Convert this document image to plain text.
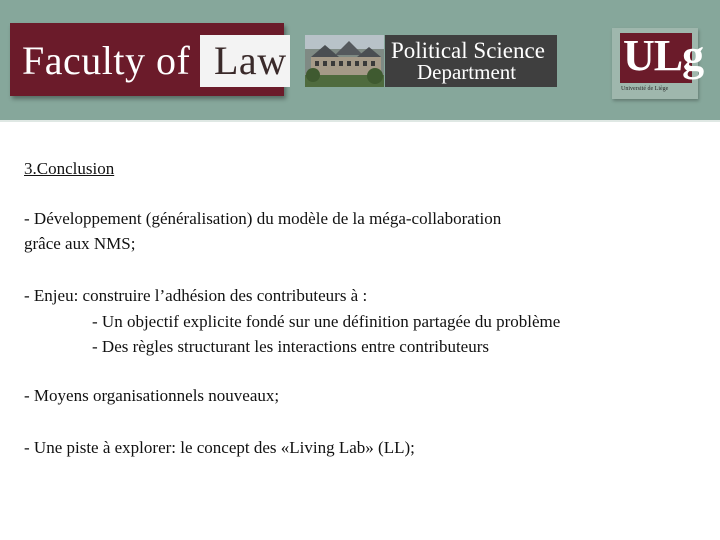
Faculty of Law	Political Science
Department ULg
Université de Liège
3.Conclusion
- Développement (généralisation) du modèle de la méga-collaboration
grâce aux NMS;
- Enjeu: construire l’adhésion des contributeurs à :
- Un objectif explicite fondé sur une définition partagée du problème
- Des règles structurant les interactions entre contributeurs
- Moyens organisationnels nouveaux;
- Une piste à explorer: le concept des «Living Lab» (LL);
